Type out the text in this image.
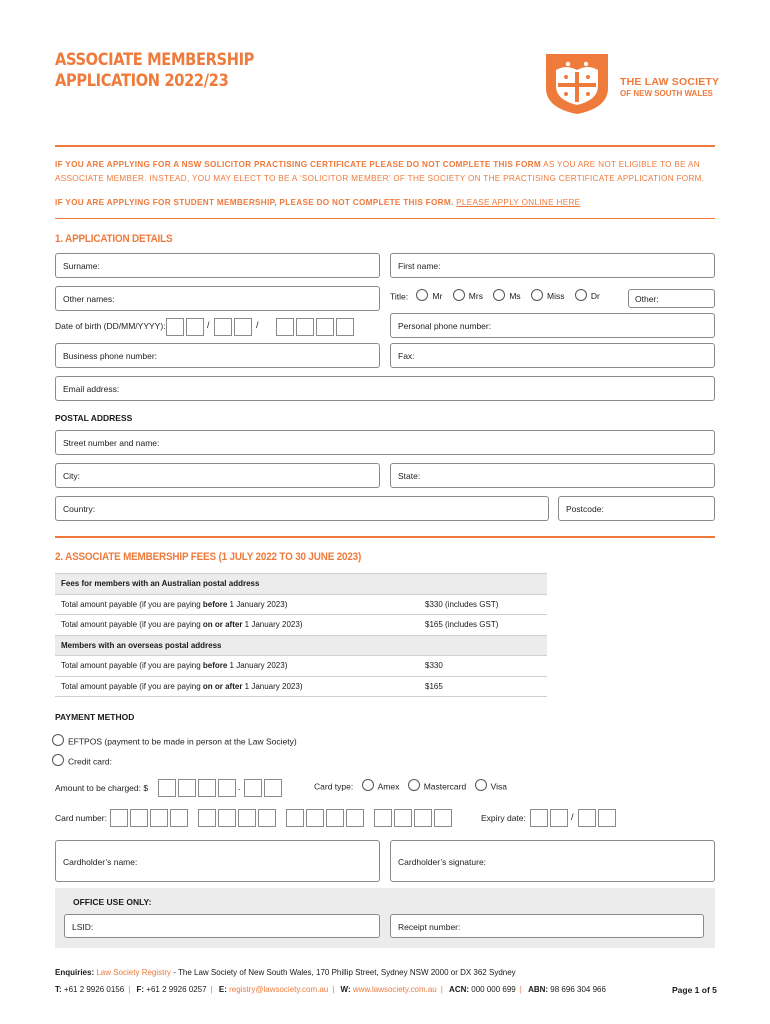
ASSOCIATE MEMBERSHIP
APPLICATION 2022/23	THE LAW SOCIETY
OF NEW SOUTH WALES
IF YOU ARE APPLYING FOR A NSW SOLICITOR PRACTISING CERTIFICATE PLEASE DO NOT COMPLETE THIS FORM AS YOU ARE NOT ELIGIBLE TO BE AN ASSOCIATE MEMBER. INSTEAD, YOU MAY ELECT TO BE A ‘SOLICITOR MEMBER’ OF THE SOCIETY ON THE PRACTISING CERTIFICATE APPLICATION FORM.
IF YOU ARE APPLYING FOR STUDENT MEMBERSHIP, PLEASE DO NOT COMPLETE THIS FORM. PLEASE APPLY ONLINE HERE
1. APPLICATION DETAILS
Surname:	First name:
Other names:	Title:	Mr	Mrs	Ms	Miss	Dr	Other:
Date of birth (DD/MM/YYYY):	/	/	Personal phone number:
Business phone number:	Fax:
Email address:
POSTAL ADDRESS
Street number and name:
City:	State:
Country:	Postcode:
2. ASSOCIATE MEMBERSHIP FEES (1 JULY 2022 TO 30 JUNE 2023)
Fees for members with an Australian postal address	
Total amount payable (if you are paying before 1 January 2023)	$330 (includes GST)
Total amount payable (if you are paying on or after 1 January 2023)	$165 (includes GST)
Members with an overseas postal address	
Total amount payable (if you are paying before 1 January 2023)	$330
Total amount payable (if you are paying on or after 1 January 2023)	$165
PAYMENT METHOD
EFTPOS (payment to be made in person at the Law Society)
Credit card:
Amount to be charged: $	.	Card type:	Amex	Mastercard	Visa
Card number:	Expiry date:	/
Cardholder’s name:	Cardholder’s signature:
OFFICE USE ONLY:
LSID:	Receipt number:
Enquiries: Law Society Registry - The Law Society of New South Wales, 170 Phillip Street, Sydney NSW 2000 or DX 362 Sydney
T: +61 2 9926 0156 | F: +61 2 9926 0257 | E: registry@lawsociety.com.au | W: www.lawsociety.com.au | ACN: 000 000 699 | ABN: 98 696 304 966	Page 1 of 5
